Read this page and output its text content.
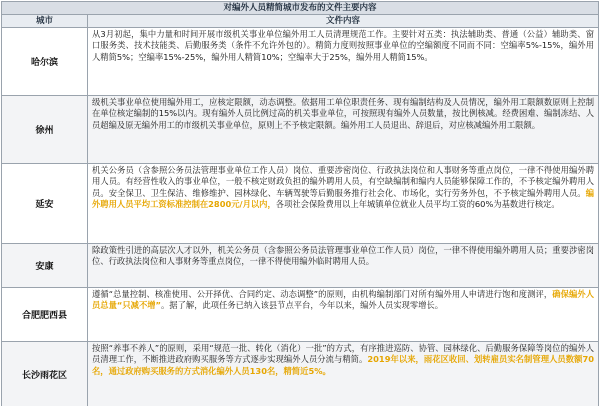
对编外人员精简城市发布的文件主要内容
城市	文件内容
哈尔滨
从3月初起，集中力量和时间开展市级机关事业单位编外用工人员清理规范工作。主要针对五类：执法辅助类、普通（公益）辅助类、窗口服务类、技术技能类、后勤服务类（条件不允许外包的）。精简力度则按照事业单位的空编额度不同而不同：空编率5%-15%，编外用人精简5%；空编率15%-25%，编外用人精简10%；空编率大于25%，编外用人精简15%。
徐州
级机关事业单位使用编外用工，应核定限额，动态调整。依据用工单位职责任务、现有编制结构及人员情况，编外用工限额数原则上控制在单位核定编制的15%以内。现有编外人员比例过高的机关事业单位，可按照现有编外人员数量，按比例核减。经费困难、编制冻结、人员超编及原无编外用工的市级机关事业单位，原则上不予核定限额。编外用工人员退出、辞退后，对应核减编外用工限额。
延安
机关公务员（含参照公务员法管理事业单位工作人员）岗位、重要涉密岗位、行政执法岗位和人事财务等重点岗位，一律不得使用编外聘用人员。有经营性收入的事业单位，一般不核定财政负担的编外聘用人员，有空缺编制和编内人员能够保障工作的，不予核定编外聘用人员。安全保卫、卫生保洁、维修维护、园林绿化、车辆驾驶等后勤服务推行社会化、市场化，实行劳务外包，不予核定编外聘用人员。编外聘用人员平均工资标准控制在2800元/月以内，各项社会保险费用以上年城镇单位就业人员平均工资的60%为基数进行核定。
安康
除政策性引进的高层次人才以外，机关公务员（含参照公务员法管理事业单位工作人员）岗位，一律不得使用编外聘用人员；重要涉密岗位、行政执法岗位和人事财务等重点岗位，一律不得使用编外临时聘用人员。
合肥肥西县
遵循“总量控制、核准使用、公开择优、合同约定、动态调整”的原则，由机构编制部门对所有编外用人申请进行饱和度测评，确保编外人员总量“只减不增”。据了解，此项任务已纳入该县节点平台，今年以来，编外人员实现零增长。
长沙雨花区
按照“养事不养人”的原则，采用“规范一批、转化（消化）一批”的方式，有序推进巡防、协管、园林绿化、后勤服务保障等岗位的编外人员清理工作，不断推进政府购买服务等方式逐步实现编外人员分流与精简。2019年以来，雨花区收回、划转雇员实名制管理人员数额70名，通过政府购买服务的方式消化编外人员130名，精简近5%。
